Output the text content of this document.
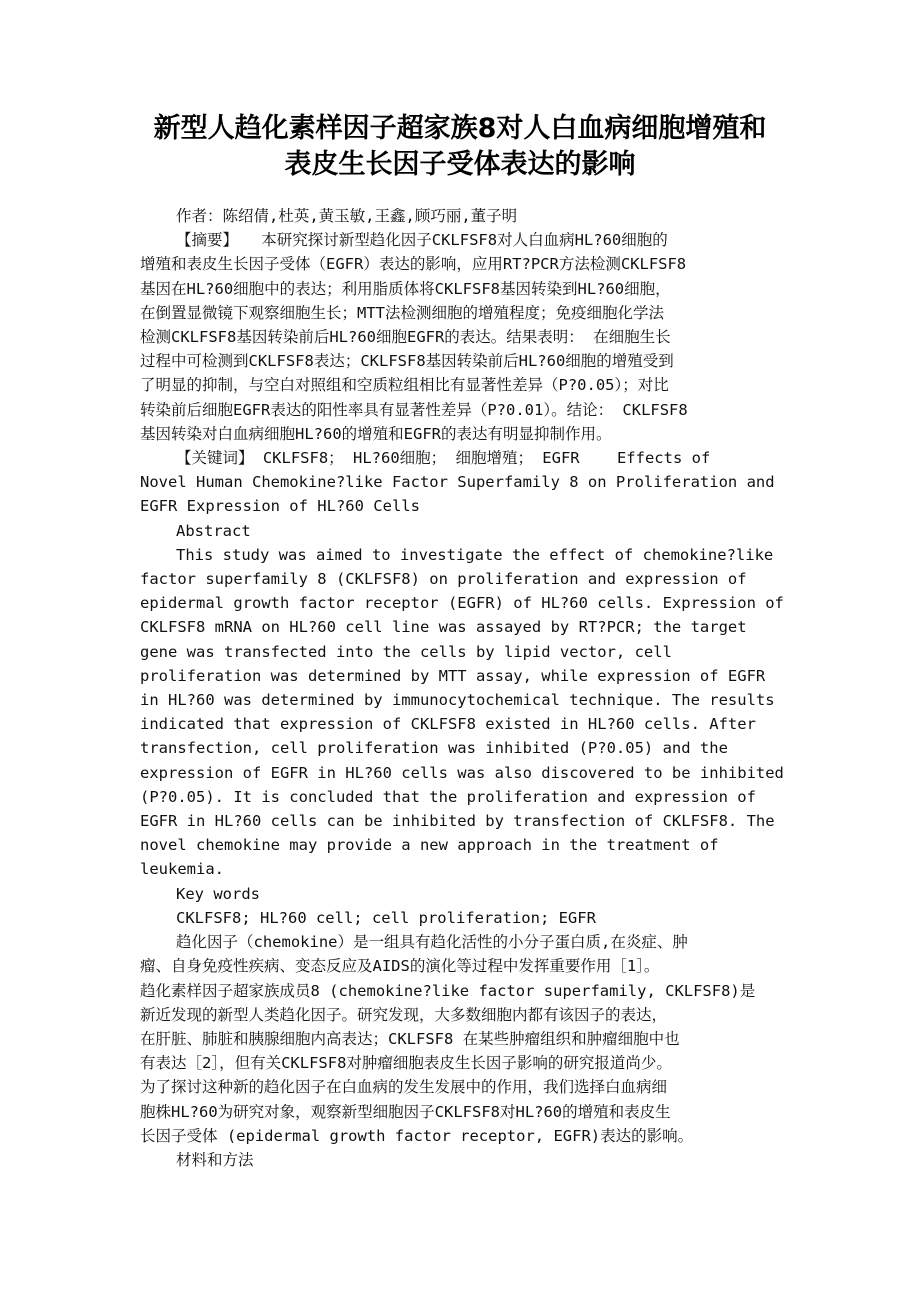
新型人趋化素样因子超家族8对人白血病细胞增殖和
表皮生长因子受体表达的影响

作者：陈绍倩,杜英,黄玉敏,王鑫,顾巧丽,董子明

【摘要】　　本研究探讨新型趋化因子CKLFSF8对人白血病HL?60细胞的
增殖和表皮生长因子受体（EGFR）表达的影响，应用RT?PCR方法检测CKLFSF8
基因在HL?60细胞中的表达；利用脂质体将CKLFSF8基因转染到HL?60细胞，
在倒置显微镜下观察细胞生长；MTT法检测细胞的增殖程度；免疫细胞化学法
检测CKLFSF8基因转染前后HL?60细胞EGFR的表达。结果表明： 在细胞生长
过程中可检测到CKLFSF8表达；CKLFSF8基因转染前后HL?60细胞的增殖受到
了明显的抑制，与空白对照组和空质粒组相比有显著性差异（P?0.05）；对比
转染前后细胞EGFR表达的阳性率具有显著性差异（P?0.01）。结论： CKLFSF8
基因转染对白血病细胞HL?60的增殖和EGFR的表达有明显抑制作用。

【关键词】 CKLFSF8； HL?60细胞； 细胞增殖； EGFR    Effects of
Novel Human Chemokine?like Factor Superfamily 8 on Proliferation and
EGFR Expression of HL?60 Cells

Abstract

This study was aimed to investigate the effect of chemokine?like
factor superfamily 8 (CKLFSF8) on proliferation and expression of
epidermal growth factor receptor (EGFR) of HL?60 cells. Expression of
CKLFSF8 mRNA on HL?60 cell line was assayed by RT?PCR; the target
gene was transfected into the cells by lipid vector, cell
proliferation was determined by MTT assay, while expression of EGFR
in HL?60 was determined by immunocytochemical technique. The results
indicated that expression of CKLFSF8 existed in HL?60 cells. After
transfection, cell proliferation was inhibited (P?0.05) and the
expression of EGFR in HL?60 cells was also discovered to be inhibited
(P?0.05). It is concluded that the proliferation and expression of
EGFR in HL?60 cells can be inhibited by transfection of CKLFSF8. The
novel chemokine may provide a new approach in the treatment of
leukemia.

Key words

CKLFSF8; HL?60 cell; cell proliferation; EGFR

趋化因子（chemokine）是一组具有趋化活性的小分子蛋白质,在炎症、肿
瘤、自身免疫性疾病、变态反应及AIDS的演化等过程中发挥重要作用［1］。
趋化素样因子超家族成员8 (chemokine?like factor superfamily, CKLFSF8)是
新近发现的新型人类趋化因子。研究发现，大多数细胞内都有该因子的表达，
在肝脏、肺脏和胰腺细胞内高表达；CKLFSF8 在某些肿瘤组织和肿瘤细胞中也
有表达［2］，但有关CKLFSF8对肿瘤细胞表皮生长因子影响的研究报道尚少。
为了探讨这种新的趋化因子在白血病的发生发展中的作用，我们选择白血病细
胞株HL?60为研究对象，观察新型细胞因子CKLFSF8对HL?60的增殖和表皮生
长因子受体 (epidermal growth factor receptor, EGFR)表达的影响。

材料和方法
